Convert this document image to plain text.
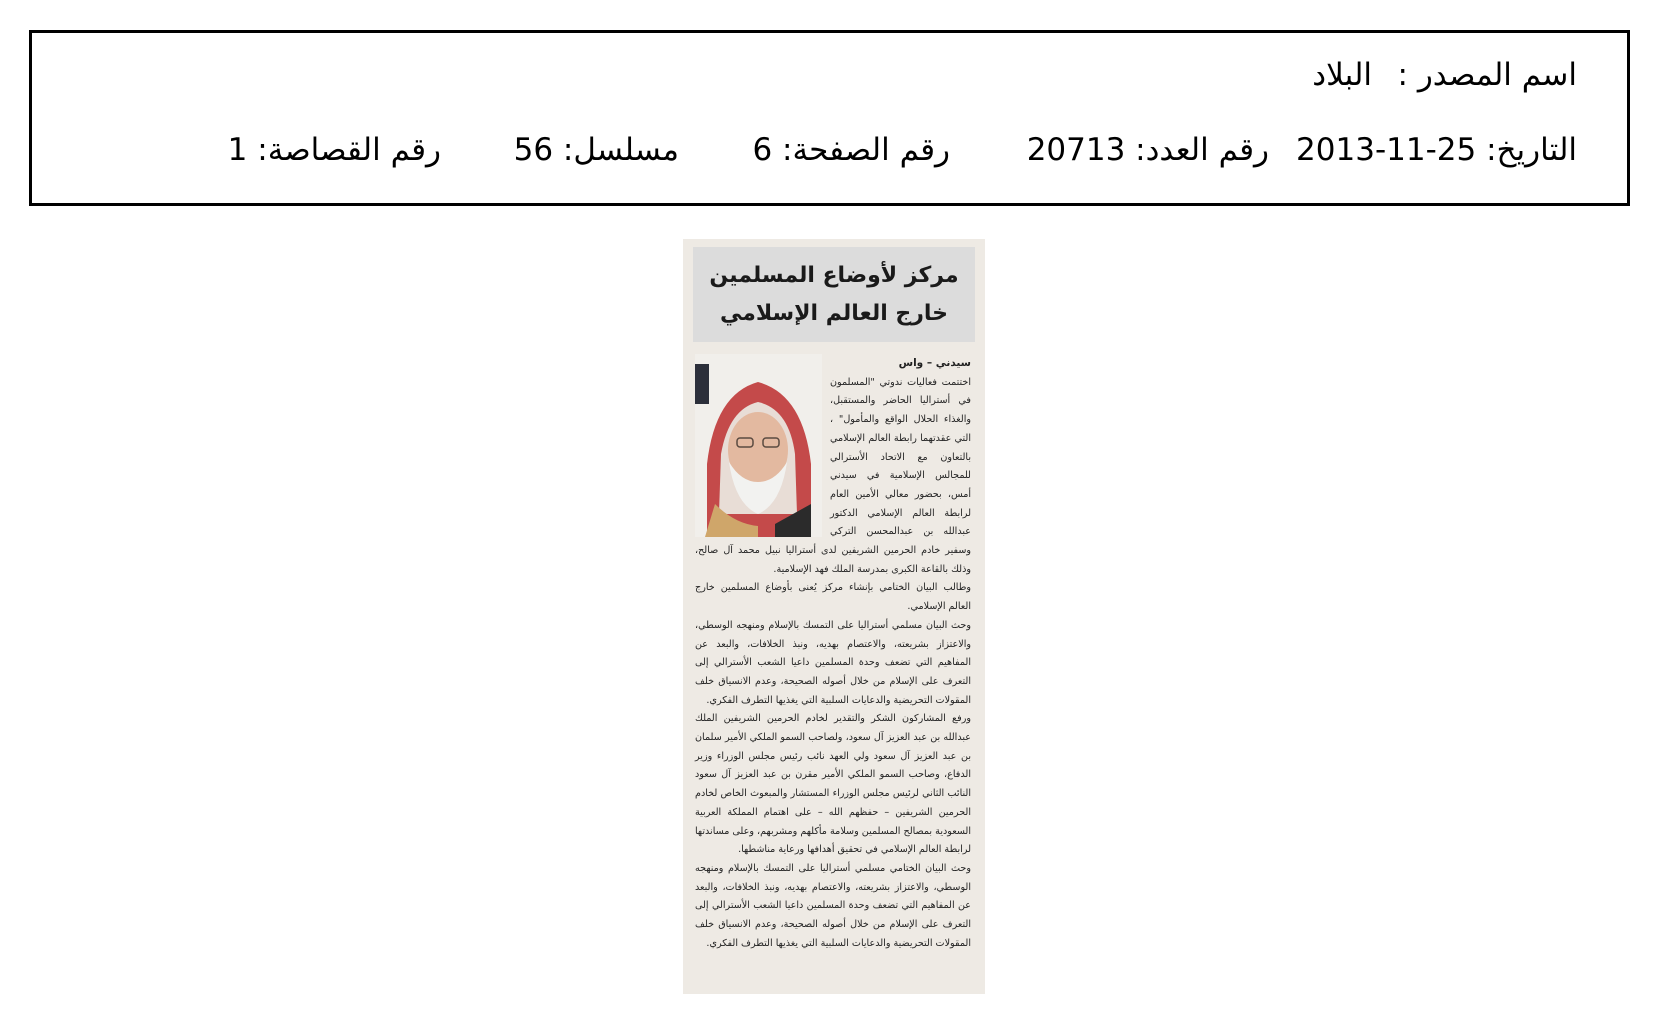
اسم المصدر :البلاد
التاريخ: 25-11-2013رقم العدد: 20713رقم الصفحة: 6مسلسل: 56رقم القصاصة: 1
مركز لأوضاع المسلمين
خارج العالم الإسلامي

سيدني – واس
اختتمت فعاليات ندوتي "المسلمون في أستراليا الحاضر والمستقبل، والغذاء الحلال الواقع والمأمول" ، التي عقدتهما رابطة العالم الإسلامي بالتعاون مع الاتحاد الأسترالي للمجالس الإسلامية في سيدني أمس، بحضور معالي الأمين العام لرابطة العالم الإسلامي الدكتور عبدالله بن عبدالمحسن التركي وسفير خادم الحرمين الشريفين لدى أستراليا نبيل محمد آل صالح، وذلك بالقاعة الكبرى بمدرسة الملك فهد الإسلامية.

وطالب البيان الختامي بإنشاء مركز يُعنى بأوضاع المسلمين خارج العالم الإسلامي.

وحث البيان مسلمي أستراليا على التمسك بالإسلام ومنهجه الوسطي، والاعتزاز بشريعته، والاعتصام بهديه، ونبذ الخلافات، والبعد عن المفاهيم التي تضعف وحدة المسلمين داعيا الشعب الأسترالي إلى التعرف على الإسلام من خلال أصوله الصحيحة، وعدم الانسياق خلف المقولات التحريضية والدعايات السلبية التي يغذيها التطرف الفكري.

ورفع المشاركون الشكر والتقدير لخادم الحرمين الشريفين الملك عبدالله بن عبد العزيز آل سعود، ولصاحب السمو الملكي الأمير سلمان بن عبد العزيز آل سعود ولي العهد نائب رئيس مجلس الوزراء وزير الدفاع، وصاحب السمو الملكي الأمير مقرن بن عبد العزيز آل سعود النائب الثاني لرئيس مجلس الوزراء المستشار والمبعوث الخاص لخادم الحرمين الشريفين – حفظهم الله – على اهتمام المملكة العربية السعودية بمصالح المسلمين وسلامة مأكلهم ومشربهم، وعلى مساندتها لرابطة العالم الإسلامي في تحقيق أهدافها ورعاية مناشطها.

وحث البيان الختامي مسلمي أستراليا على التمسك بالإسلام ومنهجه الوسطي، والاعتزاز بشريعته، والاعتصام بهديه، ونبذ الخلافات، والبعد عن المفاهيم التي تضعف وحدة المسلمين داعيا الشعب الأسترالي إلى التعرف على الإسلام من خلال أصوله الصحيحة، وعدم الانسياق خلف المقولات التحريضية والدعايات السلبية التي يغذيها التطرف الفكري.
